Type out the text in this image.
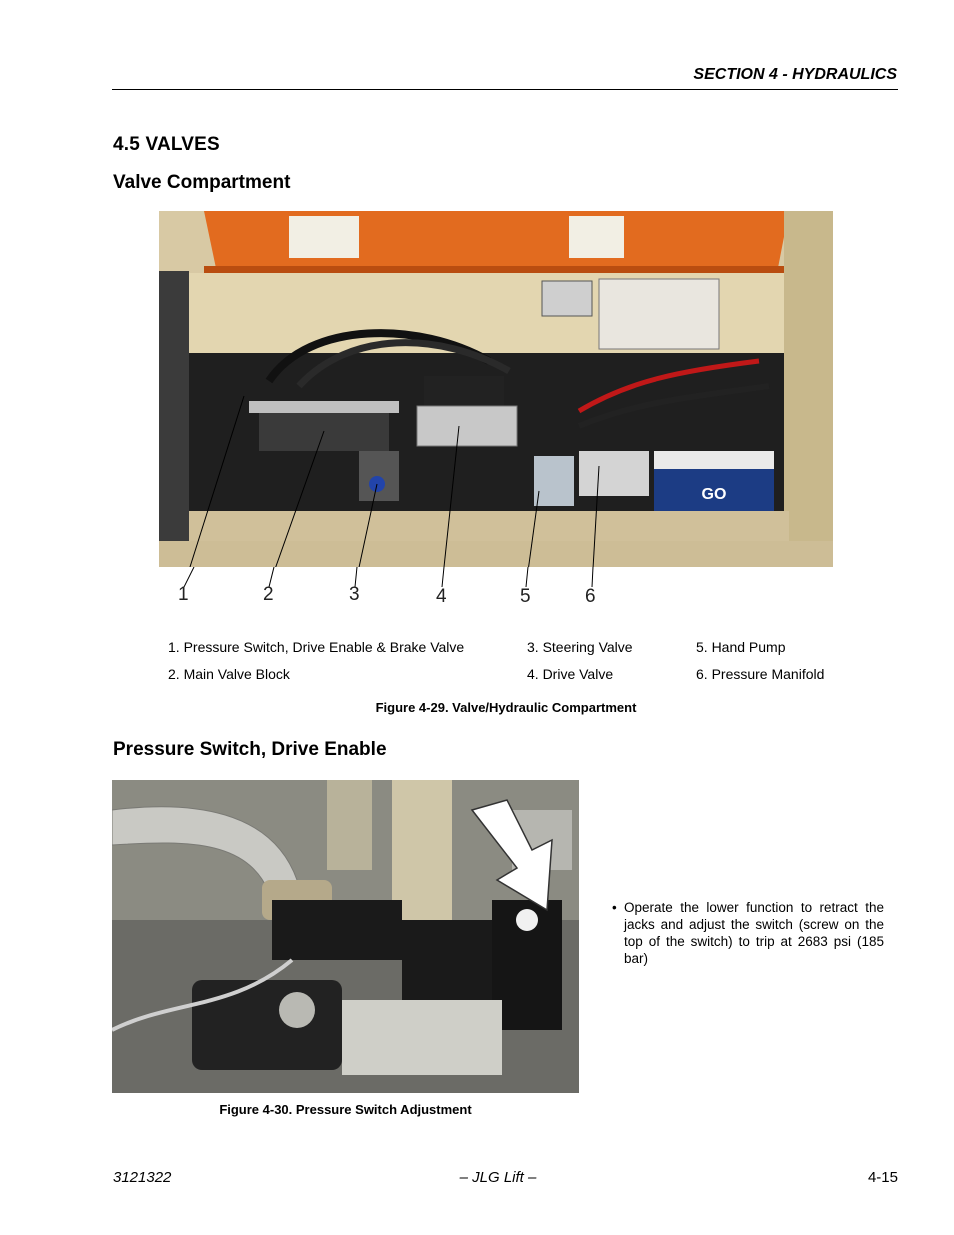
SECTION 4 - HYDRAULICS
4.5 VALVES
Valve Compartment
GO
1	2	3	4	5	6
1. Pressure Switch, Drive Enable & Brake Valve
2. Main Valve Block
3. Steering Valve
4. Drive Valve
5. Hand Pump
6. Pressure Manifold
Figure 4-29. Valve/Hydraulic Compartment
Pressure Switch, Drive Enable
• Operate the lower function to retract the jacks and adjust the switch (screw on the top of the switch) to trip at 2683 psi (185 bar)
Figure 4-30. Pressure Switch Adjustment
3121322	– JLG Lift –	4-15
